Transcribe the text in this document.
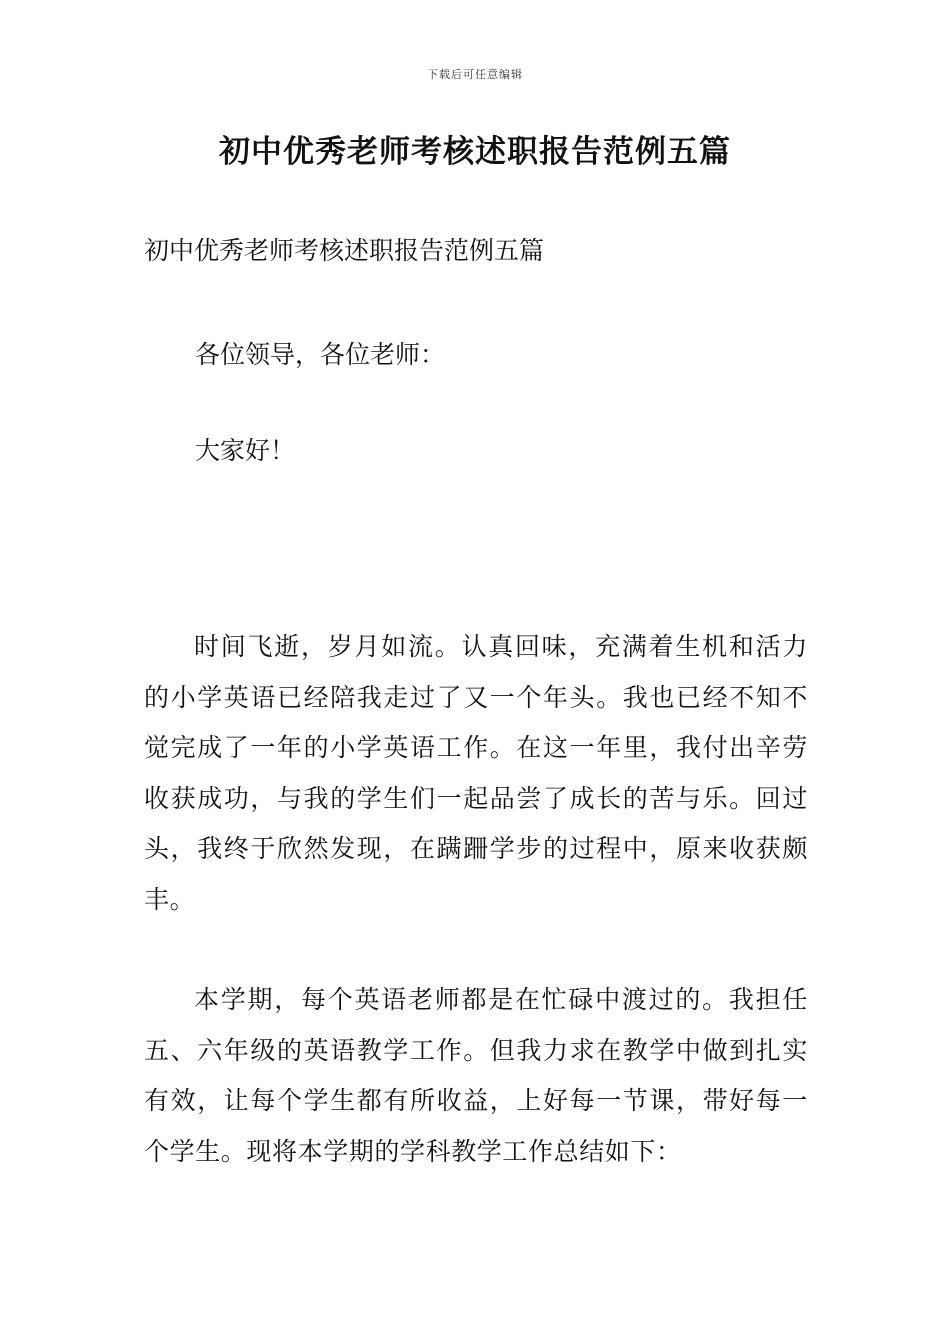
下载后可任意编辑
初中优秀老师考核述职报告范例五篇

初中优秀老师考核述职报告范例五篇

各位领导，各位老师：

大家好！

时间飞逝，岁月如流。认真回味，充满着生机和活力的小学英语已经陪我走过了又一个年头。我也已经不知不觉完成了一年的小学英语工作。在这一年里，我付出辛劳收获成功，与我的学生们一起品尝了成长的苦与乐。回过头，我终于欣然发现，在蹒跚学步的过程中，原来收获颇丰。

本学期，每个英语老师都是在忙碌中渡过的。我担任五、六年级的英语教学工作。但我力求在教学中做到扎实有效，让每个学生都有所收益，上好每一节课，带好每一个学生。现将本学期的学科教学工作总结如下：
